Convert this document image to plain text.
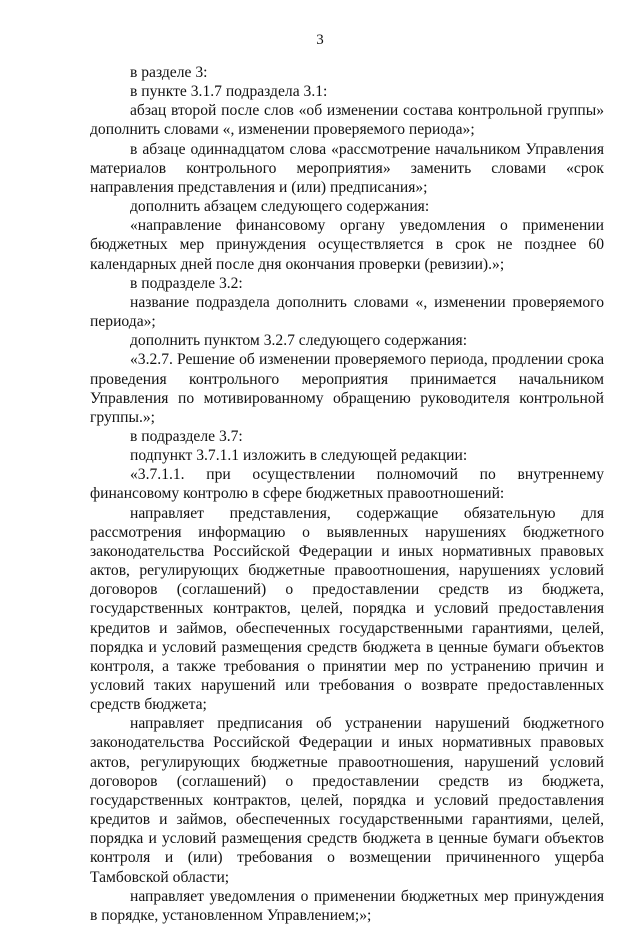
3

в разделе 3:

в пункте 3.1.7 подраздела 3.1:

абзац второй после слов «об изменении состава контрольной группы» дополнить словами «, изменении проверяемого периода»;

в абзаце одиннадцатом слова «рассмотрение начальником Управления материалов контрольного мероприятия» заменить словами «срок направления представления и (или) предписания»;

дополнить абзацем следующего содержания:

«направление финансовому органу уведомления о применении бюджетных мер принуждения осуществляется в срок не позднее 60 календарных дней после дня окончания проверки (ревизии).»;

в подразделе 3.2:

название подраздела дополнить словами «, изменении проверяемого периода»;

дополнить пунктом 3.2.7 следующего содержания:

«3.2.7. Решение об изменении проверяемого периода, продлении срока проведения контрольного мероприятия принимается начальником Управления по мотивированному обращению руководителя контрольной группы.»;

в подразделе 3.7:

подпункт 3.7.1.1 изложить в следующей редакции:

«3.7.1.1. при осуществлении полномочий по внутреннему финансовому контролю в сфере бюджетных правоотношений:

направляет представления, содержащие обязательную для рассмотрения информацию о выявленных нарушениях бюджетного законодательства Российской Федерации и иных нормативных правовых актов, регулирующих бюджетные правоотношения, нарушениях условий договоров (соглашений) о предоставлении средств из бюджета, государственных контрактов, целей, порядка и условий предоставления кредитов и займов, обеспеченных государственными гарантиями, целей, порядка и условий размещения средств бюджета в ценные бумаги объектов контроля, а также требования о принятии мер по устранению причин и условий таких нарушений или требования о возврате предоставленных средств бюджета;

направляет предписания об устранении нарушений бюджетного законодательства Российской Федерации и иных нормативных правовых актов, регулирующих бюджетные правоотношения, нарушений условий договоров (соглашений) о предоставлении средств из бюджета, государственных контрактов, целей, порядка и условий предоставления кредитов и займов, обеспеченных государственными гарантиями, целей, порядка и условий размещения средств бюджета в ценные бумаги объектов контроля и (или) требования о возмещении причиненного ущерба Тамбовской области;

направляет уведомления о применении бюджетных мер принуждения в порядке, установленном Управлением;»;
